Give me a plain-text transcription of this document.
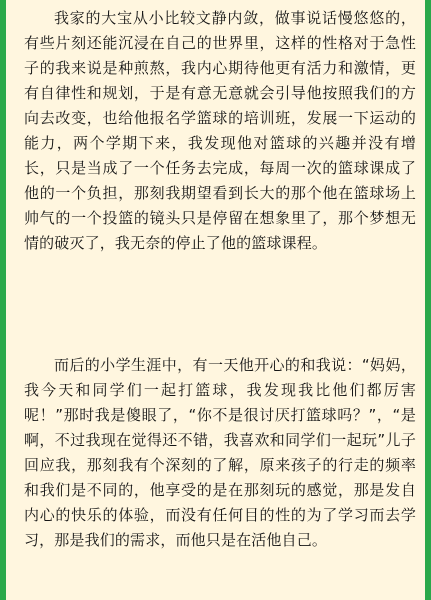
我家的大宝从小比较文静内敛，做事说话慢悠悠的，有些片刻还能沉浸在自己的世界里，这样的性格对于急性子的我来说是种煎熬，我内心期待他更有活力和激情，更有自律性和规划，于是有意无意就会引导他按照我们的方向去改变，也给他报名学篮球的培训班，发展一下运动的能力，两个学期下来，我发现他对篮球的兴趣并没有增长，只是当成了一个任务去完成，每周一次的篮球课成了他的一个负担，那刻我期望看到长大的那个他在篮球场上帅气的一个投篮的镜头只是停留在想象里了，那个梦想无情的破灭了，我无奈的停止了他的篮球课程。

而后的小学生涯中，有一天他开心的和我说：“妈妈，我今天和同学们一起打篮球，我发现我比他们都厉害呢！”那时我是傻眼了，“你不是很讨厌打篮球吗？”，“是啊，不过我现在觉得还不错，我喜欢和同学们一起玩”儿子回应我，那刻我有个深刻的了解，原来孩子的行走的频率和我们是不同的，他享受的是在那刻玩的感觉，那是发自内心的快乐的体验，而没有任何目的性的为了学习而去学习，那是我们的需求，而他只是在活他自己。
